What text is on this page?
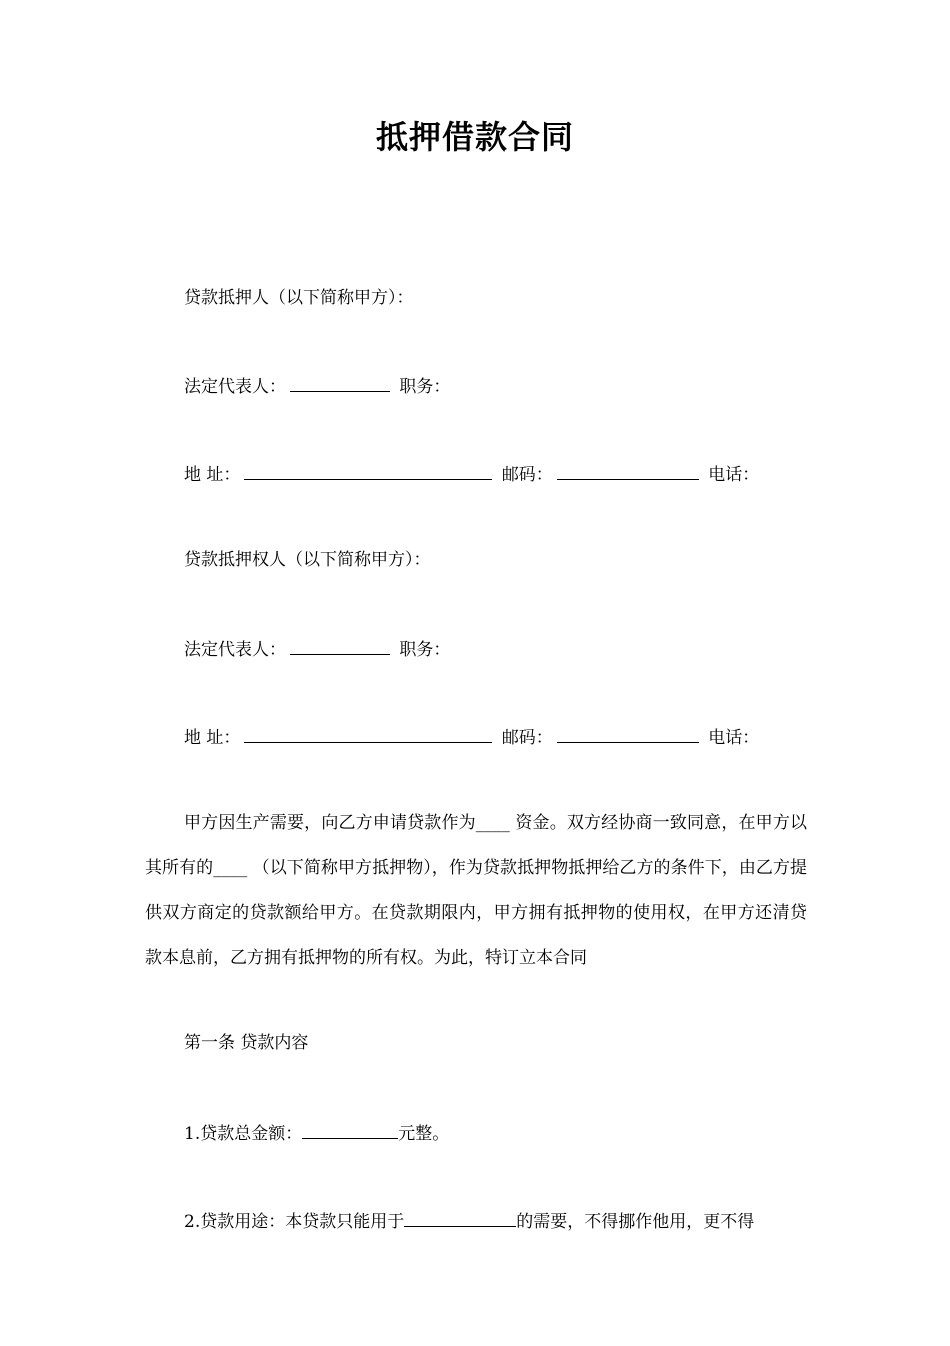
抵押借款合同
贷款抵押人（以下简称甲方）：
法定代表人：	职务：
地 址：	邮码：	电话：
贷款抵押权人（以下简称甲方）：
法定代表人：	职务：
地 址：	邮码：	电话：
甲方因生产需要，向乙方申请贷款作为____ 资金。双方经协商一致同意，在甲方以其所有的____ （以下简称甲方抵押物），作为贷款抵押物抵押给乙方的条件下，由乙方提供双方商定的贷款额给甲方。在贷款期限内，甲方拥有抵押物的使用权，在甲方还清贷款本息前，乙方拥有抵押物的所有权。为此，特订立本合同
第一条 贷款内容
1.贷款总金额：	元整。
2.贷款用途：本贷款只能用于	的需要，不得挪作他用，更不得
